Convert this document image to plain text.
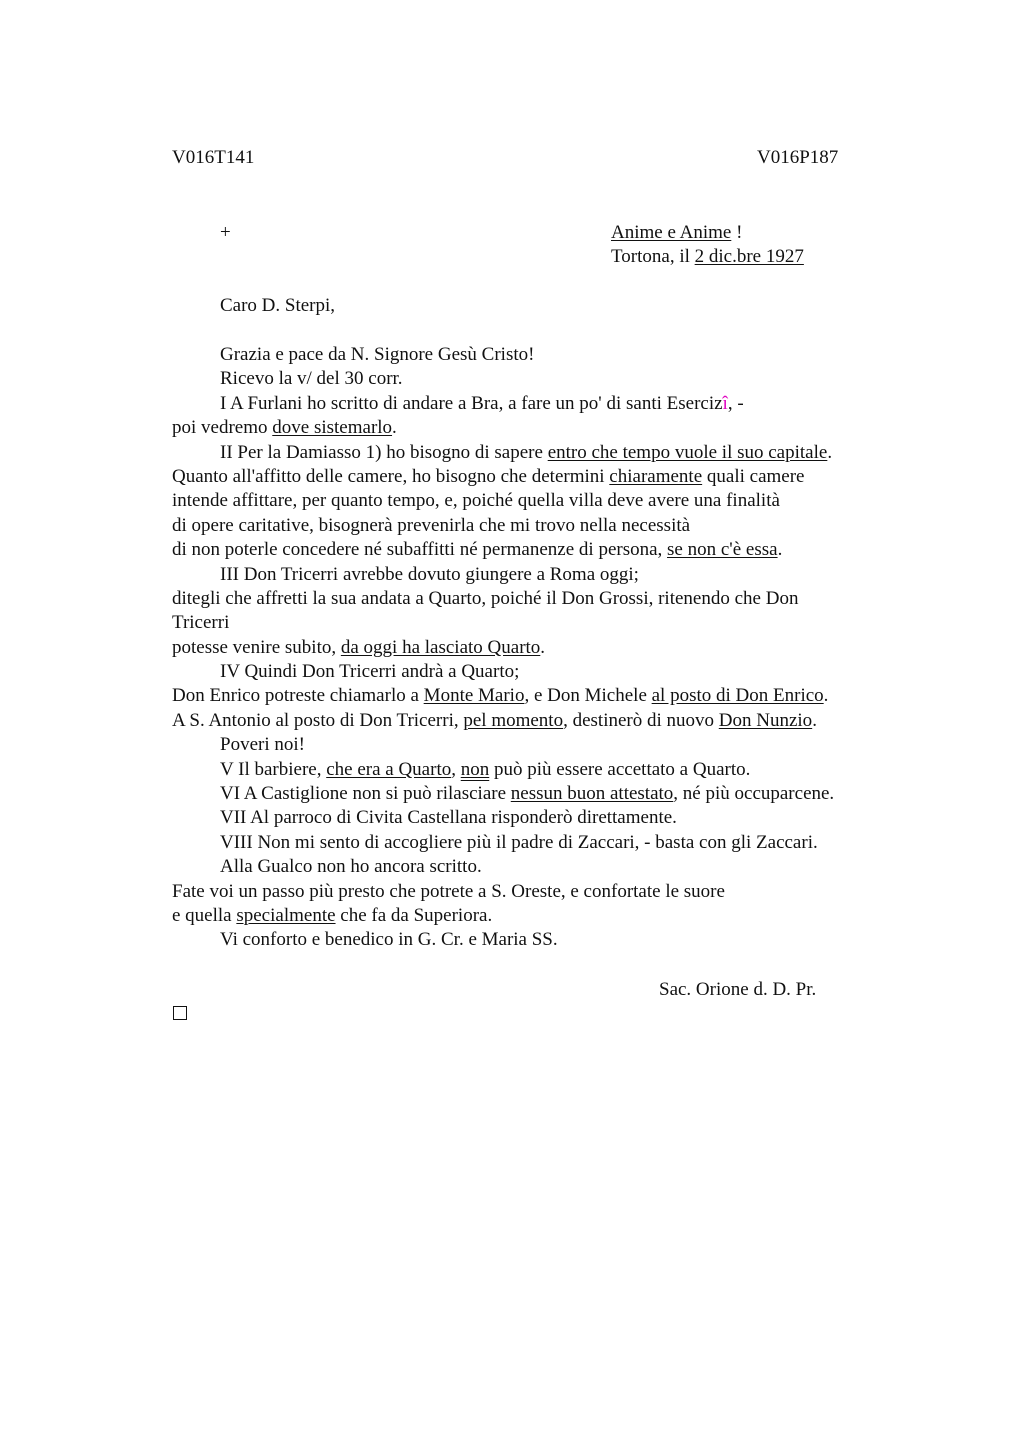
V016T141	V016P187
+	Anime e Anime !
Tortona, il 2 dic.bre 1927
Caro D. Sterpi,
Grazia e pace da N. Signore Gesù Cristo!
Ricevo la v/ del 30 corr.
I A Furlani ho scritto di andare a Bra, a fare un po' di santi Esercizî, -
poi vedremo dove sistemarlo.
II Per la Damiasso 1) ho bisogno di sapere entro che tempo vuole il suo capitale.
Quanto all'affitto delle camere, ho bisogno che determini chiaramente quali camere
intende affittare, per quanto tempo, e, poiché quella villa deve avere una finalità
di opere caritative, bisognerà prevenirla che mi trovo nella necessità
di non poterle concedere né subaffitti né permanenze di persona, se non c'è essa.
III Don Tricerri avrebbe dovuto giungere a Roma oggi;
ditegli che affretti la sua andata a Quarto, poiché il Don Grossi, ritenendo che Don
Tricerri
potesse venire subito, da oggi ha lasciato Quarto.
IV Quindi Don Tricerri andrà a Quarto;
Don Enrico potreste chiamarlo a Monte Mario, e Don Michele al posto di Don Enrico.
A S. Antonio al posto di Don Tricerri, pel momento, destinerò di nuovo Don Nunzio.
Poveri noi!
V Il barbiere, che era a Quarto, non può più essere accettato a Quarto.
VI A Castiglione non si può rilasciare nessun buon attestato, né più occuparcene.
VII Al parroco di Civita Castellana risponderò direttamente.
VIII Non mi sento di accogliere più il padre di Zaccari, - basta con gli Zaccari.
Alla Gualco non ho ancora scritto.
Fate voi un passo più presto che potrete a S. Oreste, e confortate le suore
e quella specialmente che fa da Superiora.
Vi conforto e benedico in G. Cr. e Maria SS.
Sac. Orione d. D. Pr.
